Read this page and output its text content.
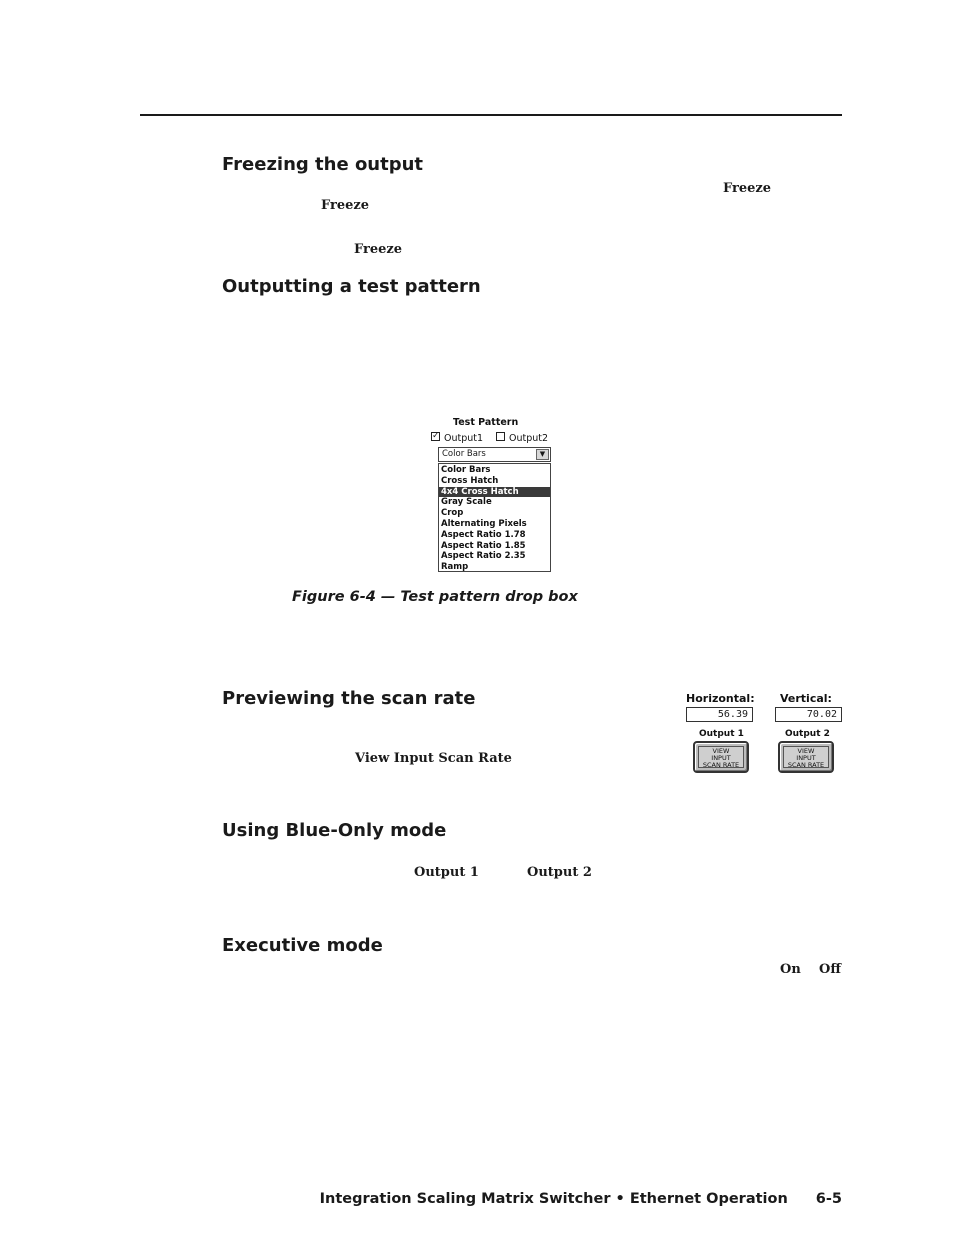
Freezing the output
Freeze
Freeze
Freeze
Outputting a test pattern
Test Pattern
✓ Output1	Output2
Color Bars	▼
Color Bars
Cross Hatch
4x4 Cross Hatch
Gray Scale
Crop
Alternating Pixels
Aspect Ratio 1.78
Aspect Ratio 1.85
Aspect Ratio 2.35
Ramp
Figure 6-4 — Test pattern drop box
Previewing the scan rate
View Input Scan Rate
Horizontal:
56.39
Vertical:
70.02
Output 1	Output 2
VIEW
INPUT
SCAN RATE
VIEW
INPUT
SCAN RATE
Using Blue-Only mode
Output 1	Output 2
Executive mode
On Off
Integration Scaling Matrix Switcher • Ethernet Operation 6-5
